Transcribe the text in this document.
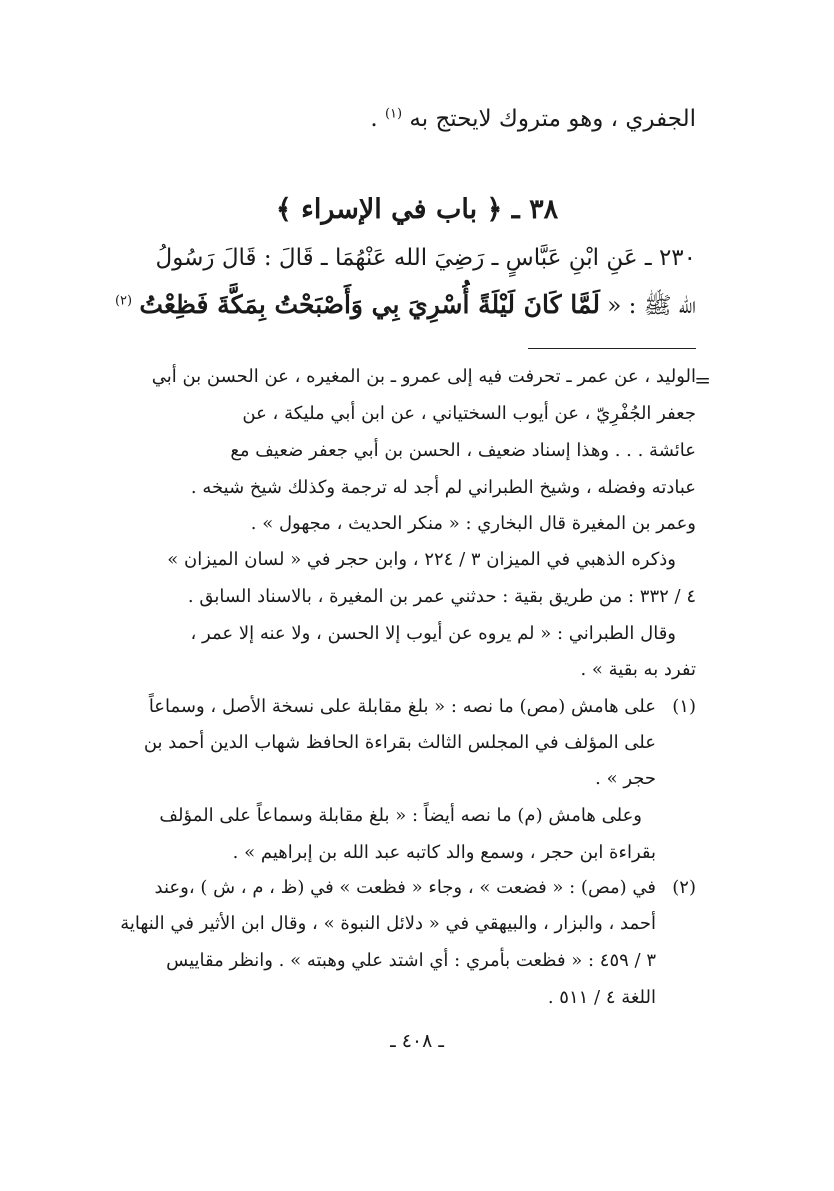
الجفري ، وهو متروك لايحتج به $^{(١)}$ .
٣٨ ـ ﴿ باب في الإسراء ﴾
٢٣٠ ـ عَنِ ابْنِ عَبَّاسٍ ـ رَضِيَ الله عَنْهُمَا ـ قَالَ : قَالَ رَسُولُ
الله ﷺ : « لَمَّا كَانَ لَيْلَةً أُسْرِيَ بِي وَأَصْبَحْتُ بِمَكَّةَ فَظِعْتُ $^{(٢)}$
=
الوليد ، عن عمر ـ تحرفت فيه إلى عمرو ـ بن المغيره ، عن الحسن بن أبي
جعفر الجُفْرِيّ ، عن أيوب السختياني ، عن ابن أبي مليكة ، عن
عائشة . . . وهذا إسناد ضعيف ، الحسن بن أبي جعفر ضعيف مع
عبادته وفضله ، وشيخ الطبراني لم أجد له ترجمة وكذلك شيخ شيخه .
وعمر بن المغيرة قال البخاري : « منكر الحديث ، مجهول » .
وذكره الذهبي في الميزان ٣ / ٢٢٤ ، وابن حجر في « لسان الميزان »
٤ / ٣٣٢ : من طريق بقية : حدثني عمر بن المغيرة ، بالاسناد السابق .
وقال الطبراني : « لم يروه عن أيوب إلا الحسن ، ولا عنه إلا عمر ،
تفرد به بقية » .
(١)
على هامش (مص) ما نصه : « بلغ مقابلة على نسخة الأصل ، وسماعاً
على المؤلف في المجلس الثالث بقراءة الحافظ شهاب الدين أحمد بن
حجر » .
وعلى هامش (م) ما نصه أيضاً : « بلغ مقابلة وسماعاً على المؤلف
بقراءة ابن حجر ، وسمع والد كاتبه عبد الله بن إبراهيم » .
(٢)
في (مص) : « فضعت » ، وجاء « فظعت » في (ظ ، م ، ش ) ،وعند
أحمد ، والبزار ، والبيهقي في « دلائل النبوة » ، وقال ابن الأثير في النهاية
٣ / ٤٥٩ : « فظعت بأمري : أي اشتد علي وهبته » . وانظر مقاييس
اللغة ٤ / ٥١١ .
ـ ٤٠٨ ـ
